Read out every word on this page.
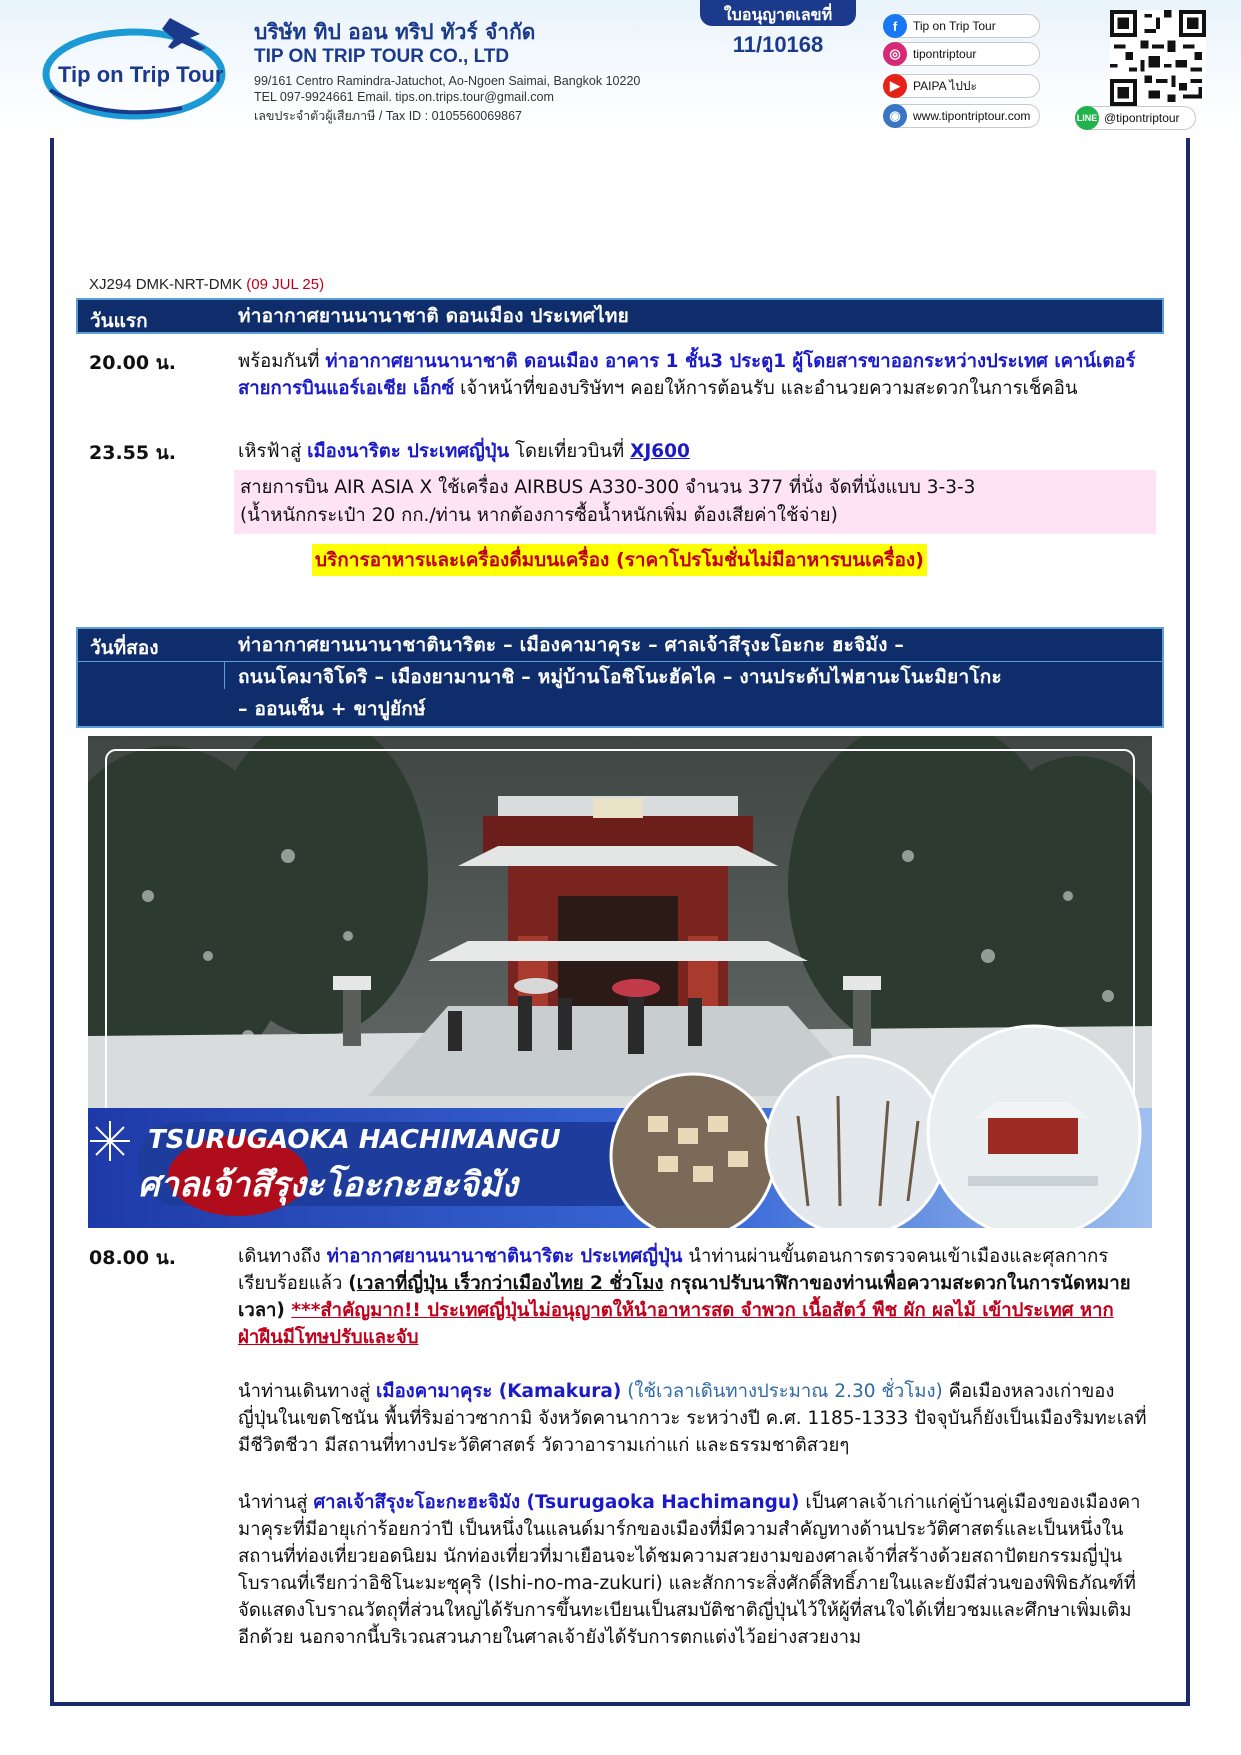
Tip on Trip Tour
บริษัท ทิป ออน ทริป ทัวร์ จำกัด
TIP ON TRIP TOUR CO., LTD
99/161 Centro Ramindra-Jatuchot, Ao-Ngoen Saimai, Bangkok 10220
TEL 097-9924661 Email. tips.on.trips.tour@gmail.com
เลขประจำตัวผู้เสียภาษี / Tax ID : 0105560069867
ใบอนุญาตเลขที่
11/10168
f	Tip on Trip Tour
◎	tipontriptour
▶	PAIPA ไปปะ
◉	www.tipontriptour.com	LINE @tipontriptour
XJ294 DMK-NRT-DMK (09 JUL 25)
วันแรก	ท่าอากาศยานนานาชาติ ดอนเมือง ประเทศไทย
20.00 น.	พร้อมกันที่ ท่าอากาศยานนานาชาติ ดอนเมือง อาคาร 1 ชั้น3 ประตู1 ผู้โดยสารขาออกระหว่างประเทศ เคาน์เตอร์ สายการบินแอร์เอเชีย เอ็กซ์ เจ้าหน้าที่ของบริษัทฯ คอยให้การต้อนรับ และอำนวยความสะดวกในการเช็คอิน
23.55 น.	เหิรฟ้าสู่ เมืองนาริตะ ประเทศญี่ปุ่น โดยเที่ยวบินที่ XJ600
สายการบิน AIR ASIA X ใช้เครื่อง AIRBUS A330-300 จำนวน 377 ที่นั่ง จัดที่นั่งแบบ 3-3-3
(น้ำหนักกระเป๋า 20 กก./ท่าน หากต้องการซื้อน้ำหนักเพิ่ม ต้องเสียค่าใช้จ่าย)
บริการอาหารและเครื่องดื่มบนเครื่อง (ราคาโปรโมชั่นไม่มีอาหารบนเครื่อง)
วันที่สอง	ท่าอากาศยานนานาชาตินาริตะ – เมืองคามาคุระ – ศาลเจ้าสึรุงะโอะกะ ฮะจิมัง –
ถนนโคมาจิโดริ – เมืองยามานาชิ – หมู่บ้านโอชิโนะฮัคไค – งานประดับไฟฮานะโนะมิยาโกะ
– ออนเซ็น + ขาปูยักษ์
TSURUGAOKA HACHIMANGU
ศาลเจ้าสึรุงะโอะกะฮะจิมัง
08.00 น.	เดินทางถึง ท่าอากาศยานนานาชาตินาริตะ ประเทศญี่ปุ่น นำท่านผ่านขั้นตอนการตรวจคนเข้าเมืองและศุลกากร เรียบร้อยแล้ว (เวลาที่ญี่ปุ่น เร็วกว่าเมืองไทย 2 ชั่วโมง กรุณาปรับนาฬิกาของท่านเพื่อความสะดวกในการนัดหมายเวลา) ***สำคัญมาก!! ประเทศญี่ปุ่นไม่อนุญาตให้นำอาหารสด จำพวก เนื้อสัตว์ พืช ผัก ผลไม้ เข้าประเทศ หากฝ่าฝืนมีโทษปรับและจับ
นำท่านเดินทางสู่ เมืองคามาคุระ (Kamakura) (ใช้เวลาเดินทางประมาณ 2.30 ชั่วโมง) คือเมืองหลวงเก่าของญี่ปุ่นในเขตโชนัน พื้นที่ริมอ่าวซากามิ จังหวัดคานากาวะ ระหว่างปี ค.ศ. 1185-1333 ปัจจุบันก็ยังเป็นเมืองริมทะเลที่มีชีวิตชีวา มีสถานที่ทางประวัติศาสตร์ วัดวาอารามเก่าแก่ และธรรมชาติสวยๆ
นำท่านสู่ ศาลเจ้าสึรุงะโอะกะฮะจิมัง (Tsurugaoka Hachimangu) เป็นศาลเจ้าเก่าแก่คู่บ้านคู่เมืองของเมืองคามาคุระที่มีอายุเก่าร้อยกว่าปี เป็นหนึ่งในแลนด์มาร์กของเมืองที่มีความสำคัญทางด้านประวัติศาสตร์และเป็นหนึ่งในสถานที่ท่องเที่ยวยอดนิยม นักท่องเที่ยวที่มาเยือนจะได้ชมความสวยงามของศาลเจ้าที่สร้างด้วยสถาปัตยกรรมญี่ปุ่นโบราณที่เรียกว่าอิชิโนะมะซุคุริ (Ishi-no-ma-zukuri) และสักการะสิ่งศักดิ์สิทธิ์ภายในและยังมีส่วนของพิพิธภัณฑ์ที่จัดแสดงโบราณวัตถุที่ส่วนใหญ่ได้รับการขึ้นทะเบียนเป็นสมบัติชาติญี่ปุ่นไว้ให้ผู้ที่สนใจได้เที่ยวชมและศึกษาเพิ่มเติมอีกด้วย นอกจากนี้บริเวณสวนภายในศาลเจ้ายังได้รับการตกแต่งไว้อย่างสวยงาม
